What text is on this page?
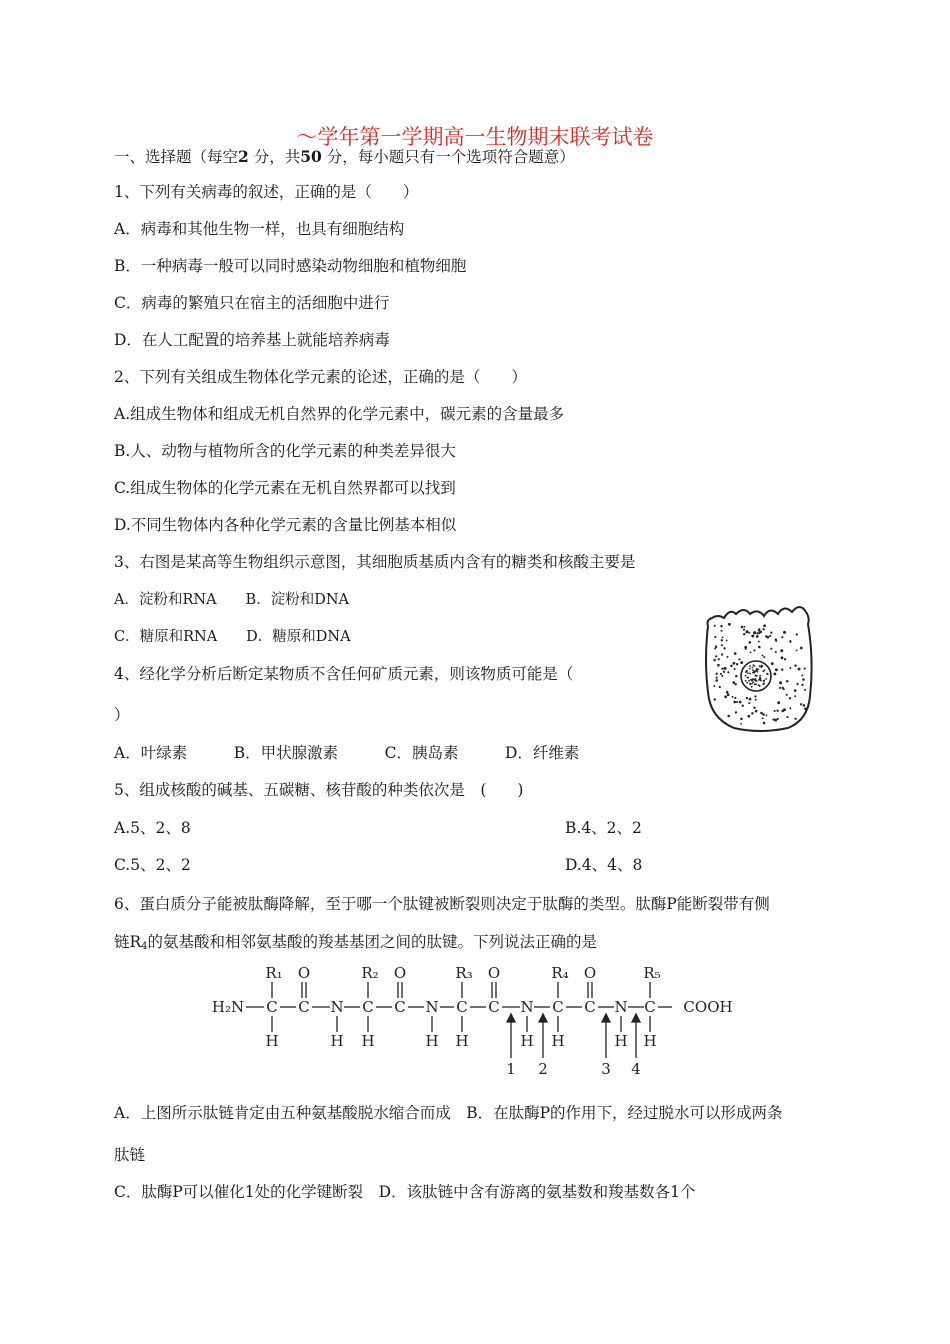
～学年第一学期高一生物期末联考试卷
一、选择题（每空2 分，共50 分，每小题只有一个选项符合题意）
1、下列有关病毒的叙述，正确的是（　　）
A．病毒和其他生物一样，也具有细胞结构
B．一种病毒一般可以同时感染动物细胞和植物细胞
C．病毒的繁殖只在宿主的活细胞中进行
D．在人工配置的培养基上就能培养病毒
2、下列有关组成生物体化学元素的论述，正确的是（　　）
A.组成生物体和组成无机自然界的化学元素中，碳元素的含量最多
B.人、动物与植物所含的化学元素的种类差异很大
C.组成生物体的化学元素在无机自然界都可以找到
D.不同生物体内各种化学元素的含量比例基本相似
3、右图是某高等生物组织示意图，其细胞质基质内含有的糖类和核酸主要是
A．淀粉和RNA　　B．淀粉和DNA
C．糖原和RNA　　D．糖原和DNA
4、经化学分析后断定某物质不含任何矿质元素，则该物质可能是（
）
A．叶绿素　　　B．甲状腺激素　　　C．胰岛素　　　D．纤维素
5、组成核酸的碱基、五碳糖、核苷酸的种类依次是　(　　)
A.5、2、8	B.4、2、2
C.5、2、2	D.4、4、8
6、蛋白质分子能被肽酶降解，至于哪一个肽键被断裂则决定于肽酶的类型。肽酶P能断裂带有侧
链$R_4$的氨基酸和相邻氨基酸的羧基基团之间的肽键。下列说法正确的是
R₁	R₂	R₃	R₄	R₅
O	O	O	O
H₂N C C N C C N C C N C C N C COOH
H	H H	H H	H H	H H
1 2	3 4
A．上图所示肽链肯定由五种氨基酸脱水缩合而成　B．在肽酶P的作用下，经过脱水可以形成两条
肽链
C．肽酶P可以催化1处的化学键断裂　D．该肽链中含有游离的氨基数和羧基数各1个
